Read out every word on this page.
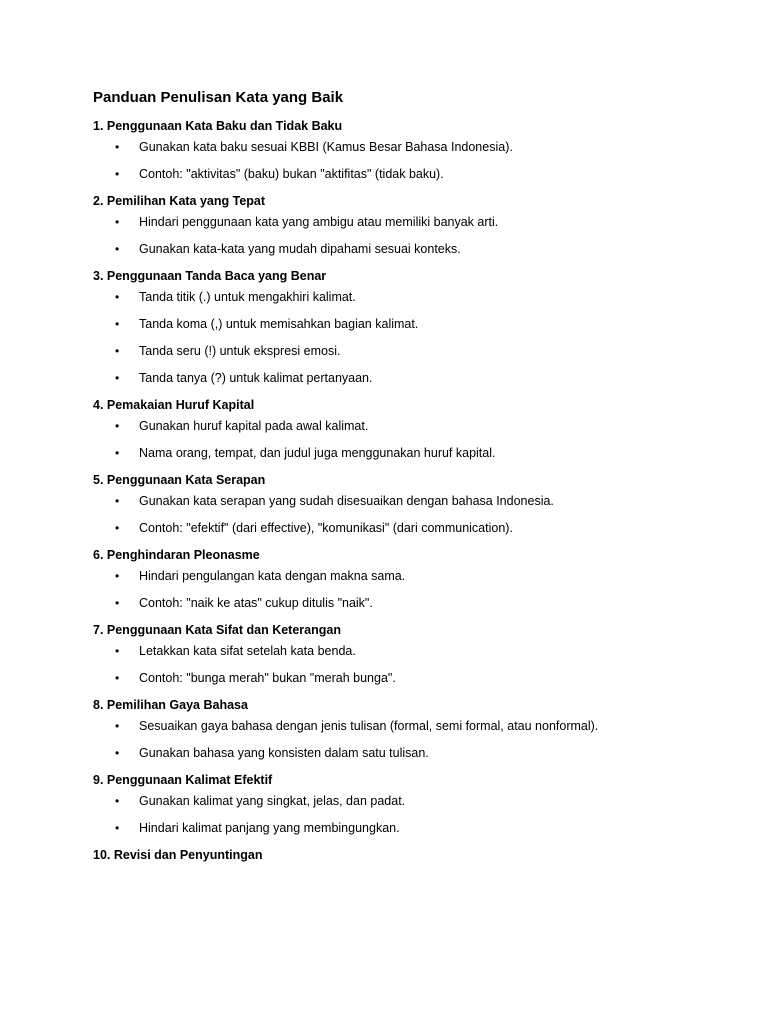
Panduan Penulisan Kata yang Baik
1. Penggunaan Kata Baku dan Tidak Baku
• Gunakan kata baku sesuai KBBI (Kamus Besar Bahasa Indonesia).
• Contoh: "aktivitas" (baku) bukan "aktifitas" (tidak baku).
2. Pemilihan Kata yang Tepat
• Hindari penggunaan kata yang ambigu atau memiliki banyak arti.
• Gunakan kata-kata yang mudah dipahami sesuai konteks.
3. Penggunaan Tanda Baca yang Benar
• Tanda titik (.) untuk mengakhiri kalimat.
• Tanda koma (,) untuk memisahkan bagian kalimat.
• Tanda seru (!) untuk ekspresi emosi.
• Tanda tanya (?) untuk kalimat pertanyaan.
4. Pemakaian Huruf Kapital
• Gunakan huruf kapital pada awal kalimat.
• Nama orang, tempat, dan judul juga menggunakan huruf kapital.
5. Penggunaan Kata Serapan
• Gunakan kata serapan yang sudah disesuaikan dengan bahasa Indonesia.
• Contoh: "efektif" (dari effective), "komunikasi" (dari communication).
6. Penghindaran Pleonasme
• Hindari pengulangan kata dengan makna sama.
• Contoh: "naik ke atas" cukup ditulis "naik".
7. Penggunaan Kata Sifat dan Keterangan
• Letakkan kata sifat setelah kata benda.
• Contoh: "bunga merah" bukan "merah bunga".
8. Pemilihan Gaya Bahasa
• Sesuaikan gaya bahasa dengan jenis tulisan (formal, semi formal, atau nonformal).
• Gunakan bahasa yang konsisten dalam satu tulisan.
9. Penggunaan Kalimat Efektif
• Gunakan kalimat yang singkat, jelas, dan padat.
• Hindari kalimat panjang yang membingungkan.
10. Revisi dan Penyuntingan
